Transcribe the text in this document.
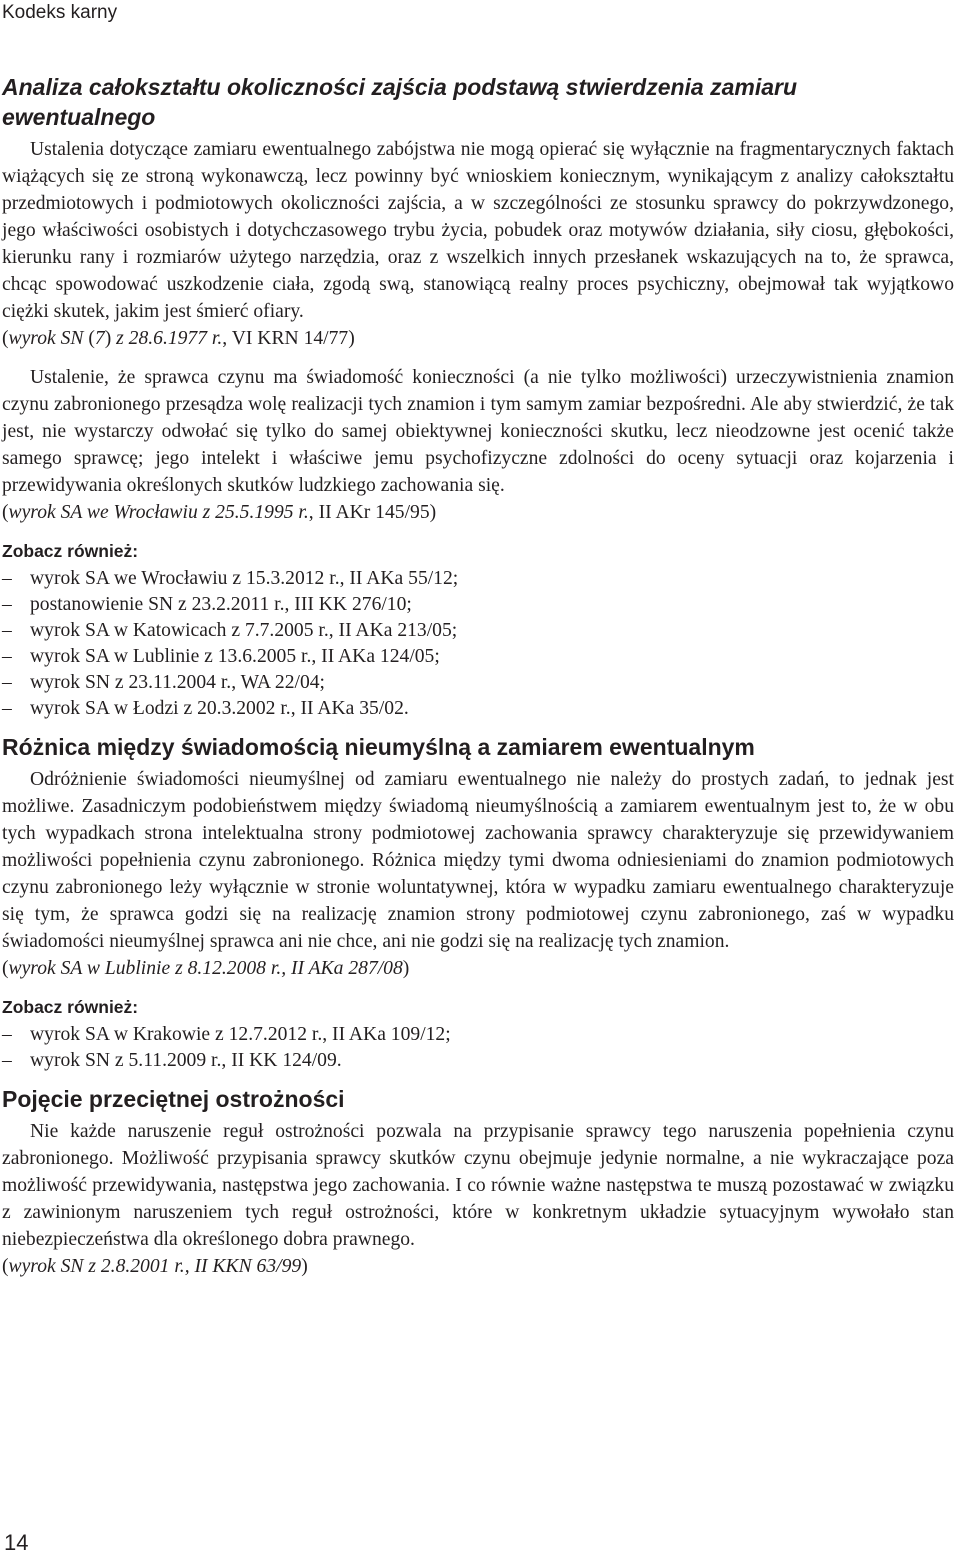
Kodeks karny
Analiza całokształtu okoliczności zajścia podstawą stwierdzenia zamiaru ewentualnego

Ustalenia dotyczące zamiaru ewentualnego zabójstwa nie mogą opierać się wyłącznie na fragmentarycznych faktach wiążących się ze stroną wykonawczą, lecz powinny być wnioskiem koniecznym, wynikającym z analizy całokształtu przedmiotowych i podmiotowych okoliczności zajścia, a w szczególności ze stosunku sprawcy do pokrzywdzonego, jego właściwości osobistych i dotychczasowego trybu życia, pobudek oraz motywów działania, siły ciosu, głębokości, kierunku rany i rozmiarów użytego narzędzia, oraz z wszelkich innych przesłanek wskazujących na to, że sprawca, chcąc spowodować uszkodzenie ciała, zgodą swą, stanowiącą realny proces psychiczny, obejmował tak wyjątkowo ciężki skutek, jakim jest śmierć ofiary.

(wyrok SN (7) z 28.6.1977 r., VI KRN 14/77)

Ustalenie, że sprawca czynu ma świadomość konieczności (a nie tylko możliwości) urzeczywistnienia znamion czynu zabronionego przesądza wolę realizacji tych znamion i tym samym zamiar bezpośredni. Ale aby stwierdzić, że tak jest, nie wystarczy odwołać się tylko do samej obiektywnej konieczności skutku, lecz nieodzowne jest ocenić także samego sprawcę; jego intelekt i właściwe jemu psychofizyczne zdolności do oceny sytuacji oraz kojarzenia i przewidywania określonych skutków ludzkiego zachowania się.

(wyrok SA we Wrocławiu z 25.5.1995 r., II AKr 145/95)

Zobacz również:
– wyrok SA we Wrocławiu z 15.3.2012 r., II AKa 55/12;
– postanowienie SN z 23.2.2011 r., III KK 276/10;
– wyrok SA w Katowicach z 7.7.2005 r., II AKa 213/05;
– wyrok SA w Lublinie z 13.6.2005 r., II AKa 124/05;
– wyrok SN z 23.11.2004 r., WA 22/04;
– wyrok SA w Łodzi z 20.3.2002 r., II AKa 35/02.
Różnica między świadomością nieumyślną a zamiarem ewentualnym

Odróżnienie świadomości nieumyślnej od zamiaru ewentualnego nie należy do prostych zadań, to jednak jest możliwe. Zasadniczym podobieństwem między świadomą nieumyślnością a zamiarem ewentualnym jest to, że w obu tych wypadkach strona intelektualna strony podmiotowej zachowania sprawcy charakteryzuje się przewidywaniem możliwości popełnienia czynu zabronionego. Różnica między tymi dwoma odniesieniami do znamion podmiotowych czynu zabronionego leży wyłącznie w stronie woluntatywnej, która w wypadku zamiaru ewentualnego charakteryzuje się tym, że sprawca godzi się na realizację znamion strony podmiotowej czynu zabronionego, zaś w wypadku świadomości nieumyślnej sprawca ani nie chce, ani nie godzi się na realizację tych znamion.

(wyrok SA w Lublinie z 8.12.2008 r., II AKa 287/08)

Zobacz również:
– wyrok SA w Krakowie z 12.7.2012 r., II AKa 109/12;
– wyrok SN z 5.11.2009 r., II KK 124/09.
Pojęcie przeciętnej ostrożności

Nie każde naruszenie reguł ostrożności pozwala na przypisanie sprawcy tego naruszenia popełnienia czynu zabronionego. Możliwość przypisania sprawcy skutków czynu obejmuje jedynie normalne, a nie wykraczające poza możliwość przewidywania, następstwa jego zachowania. I co równie ważne następstwa te muszą pozostawać w związku z zawinionym naruszeniem tych reguł ostrożności, które w konkretnym układzie sytuacyjnym wywołało stan niebezpieczeństwa dla określonego dobra prawnego.

(wyrok SN z 2.8.2001 r., II KKN 63/99)

14
